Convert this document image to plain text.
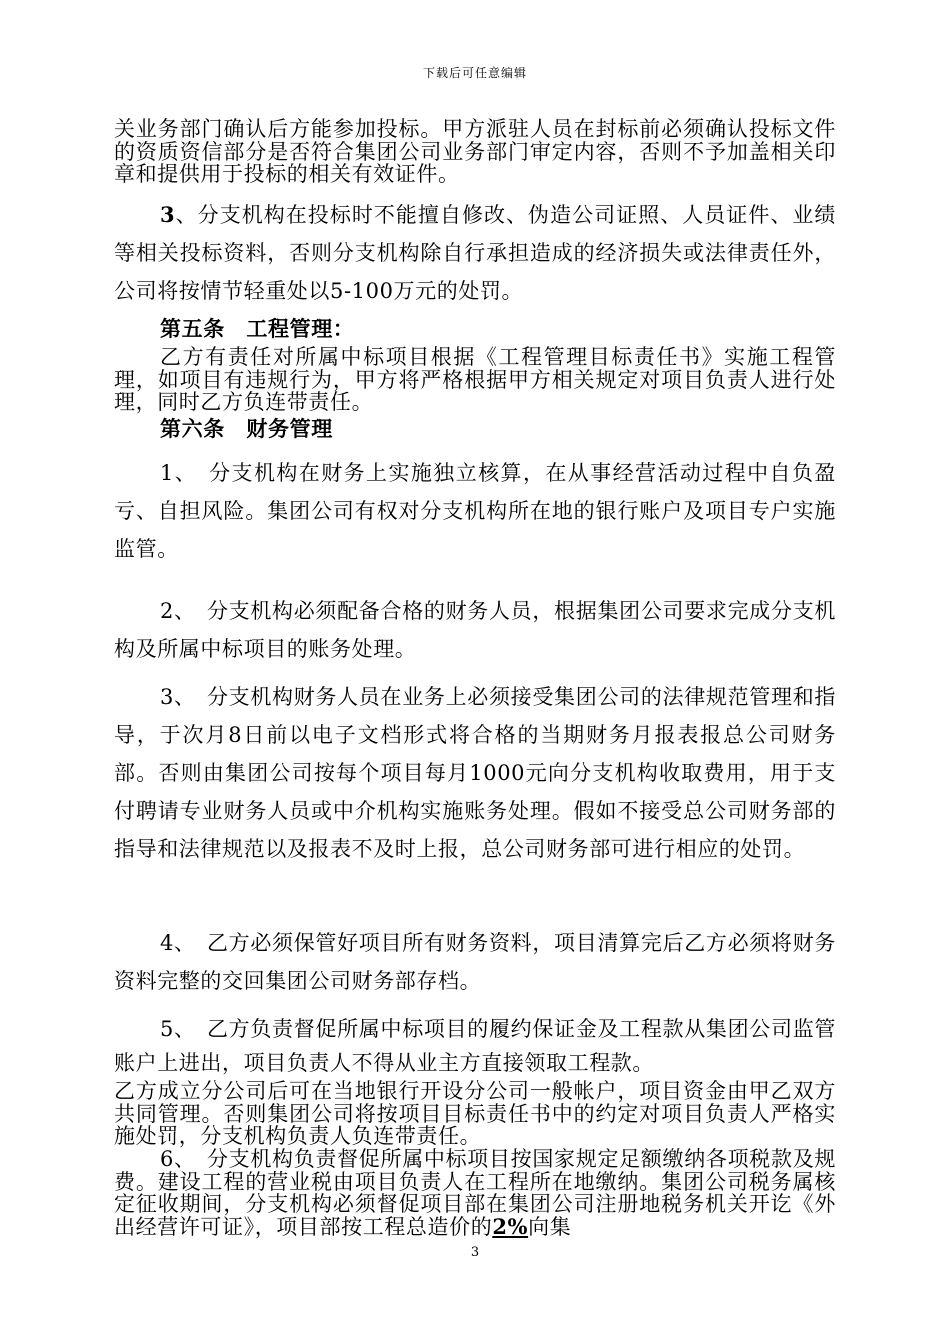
下载后可任意编辑

关业务部门确认后方能参加投标。甲方派驻人员在封标前必须确认投标文件的资质资信部分是否符合集团公司业务部门审定内容，否则不予加盖相关印章和提供用于投标的相关有效证件。

3、分支机构在投标时不能擅自修改、伪造公司证照、人员证件、业绩等相关投标资料，否则分支机构除自行承担造成的经济损失或法律责任外，公司将按情节轻重处以5-100万元的处罚。

第五条　工程管理：

乙方有责任对所属中标项目根据《工程管理目标责任书》实施工程管理，如项目有违规行为，甲方将严格根据甲方相关规定对项目负责人进行处理，同时乙方负连带责任。

第六条　财务管理

1、　分支机构在财务上实施独立核算，在从事经营活动过程中自负盈亏、自担风险。集团公司有权对分支机构所在地的银行账户及项目专户实施监管。

2、　分支机构必须配备合格的财务人员，根据集团公司要求完成分支机构及所属中标项目的账务处理。

3、　分支机构财务人员在业务上必须接受集团公司的法律规范管理和指导，于次月8日前以电子文档形式将合格的当期财务月报表报总公司财务部。否则由集团公司按每个项目每月1000元向分支机构收取费用，用于支付聘请专业财务人员或中介机构实施账务处理。假如不接受总公司财务部的指导和法律规范以及报表不及时上报，总公司财务部可进行相应的处罚。

4、　乙方必须保管好项目所有财务资料，项目清算完后乙方必须将财务资料完整的交回集团公司财务部存档。

5、　乙方负责督促所属中标项目的履约保证金及工程款从集团公司监管账户上进出，项目负责人不得从业主方直接领取工程款。

乙方成立分公司后可在当地银行开设分公司一般帐户，项目资金由甲乙双方共同管理。否则集团公司将按项目目标责任书中的约定对项目负责人严格实施处罚，分支机构负责人负连带责任。

6、　分支机构负责督促所属中标项目按国家规定足额缴纳各项税款及规费。建设工程的营业税由项目负责人在工程所在地缴纳。集团公司税务属核定征收期间，分支机构必须督促项目部在集团公司注册地税务机关开讫《外出经营许可证》，项目部按工程总造价的2%向集

3
